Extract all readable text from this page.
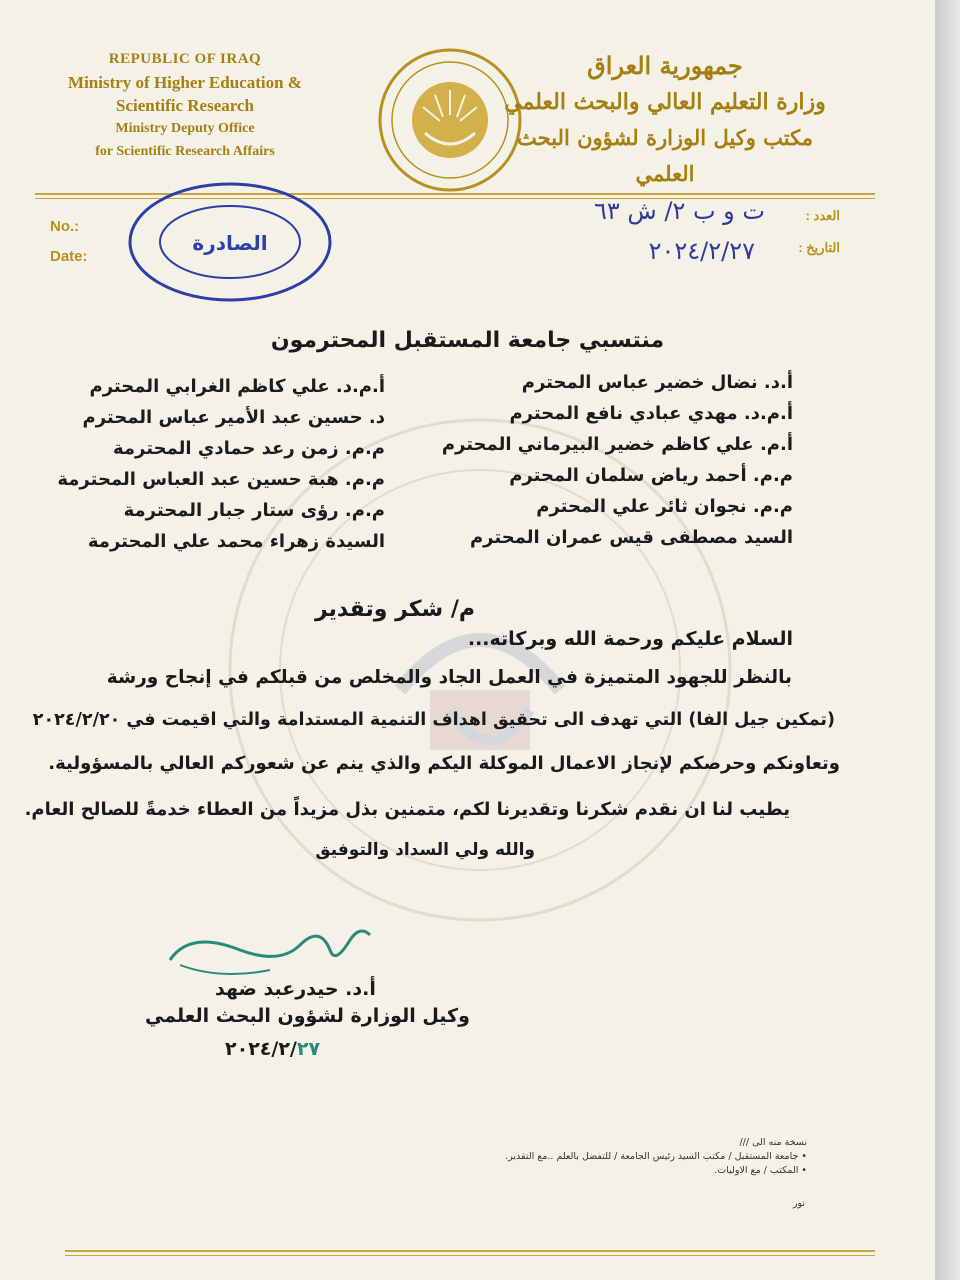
REPUBLIC OF IRAQ
Ministry of Higher Education &
Scientific Research
Ministry Deputy Office
for Scientific Research Affairs
جمهورية العراق
وزارة التعليم العالي والبحث العلمي
مكتب وكيل الوزارة لشؤون البحث العلمي
No.:
Date:
العدد :
التاريخ :
ت و ب ٢/ ش ٦٣
٢٠٢٤/٢/٢٧
الصادرة
منتسبي جامعة المستقبل المحترمون
أ.د. نضال خضير عباس المحترم
أ.م.د. مهدي عبادي نافع المحترم
أ.م. علي كاظم خضير البيرماني المحترم
م.م. أحمد رياض سلمان المحترم
م.م. نجوان ثائر علي المحترم
السيد مصطفى قيس عمران المحترم
أ.م.د. علي كاظم الغرابي المحترم
د. حسين عبد الأمير عباس المحترم
م.م. زمن رعد حمادي المحترمة
م.م. هبة حسين عبد العباس المحترمة
م.م. رؤى ستار جبار المحترمة
السيدة زهراء محمد علي المحترمة
م/ شكر وتقدير
السلام عليكم ورحمة الله وبركاته...
بالنظر للجهود المتميزة في العمل الجاد والمخلص من قبلكم في إنجاح ورشة
(تمكين جيل الفا) التي تهدف الى تحقيق اهداف التنمية المستدامة والتي اقيمت في ٢٠٢٤/٢/٢٠
وتعاونكم وحرصكم لإنجاز الاعمال الموكلة اليكم والذي ينم عن شعوركم العالي بالمسؤولية.
يطيب لنا ان نقدم شكرنا وتقديرنا لكم، متمنين بذل مزيداً من العطاء خدمةً للصالح العام.
والله ولي السداد والتوفيق
أ.د. حيدرعبد ضهد
وكيل الوزارة لشؤون البحث العلمي
٢٠٢٤/٢/٢٧
نسخة منه الى ///
• جامعة المستقبل / مكتب السيد رئيس الجامعة / للتفضل بالعلم ..مع التقدير.
• المكتب / مع الاوليات.
نور
